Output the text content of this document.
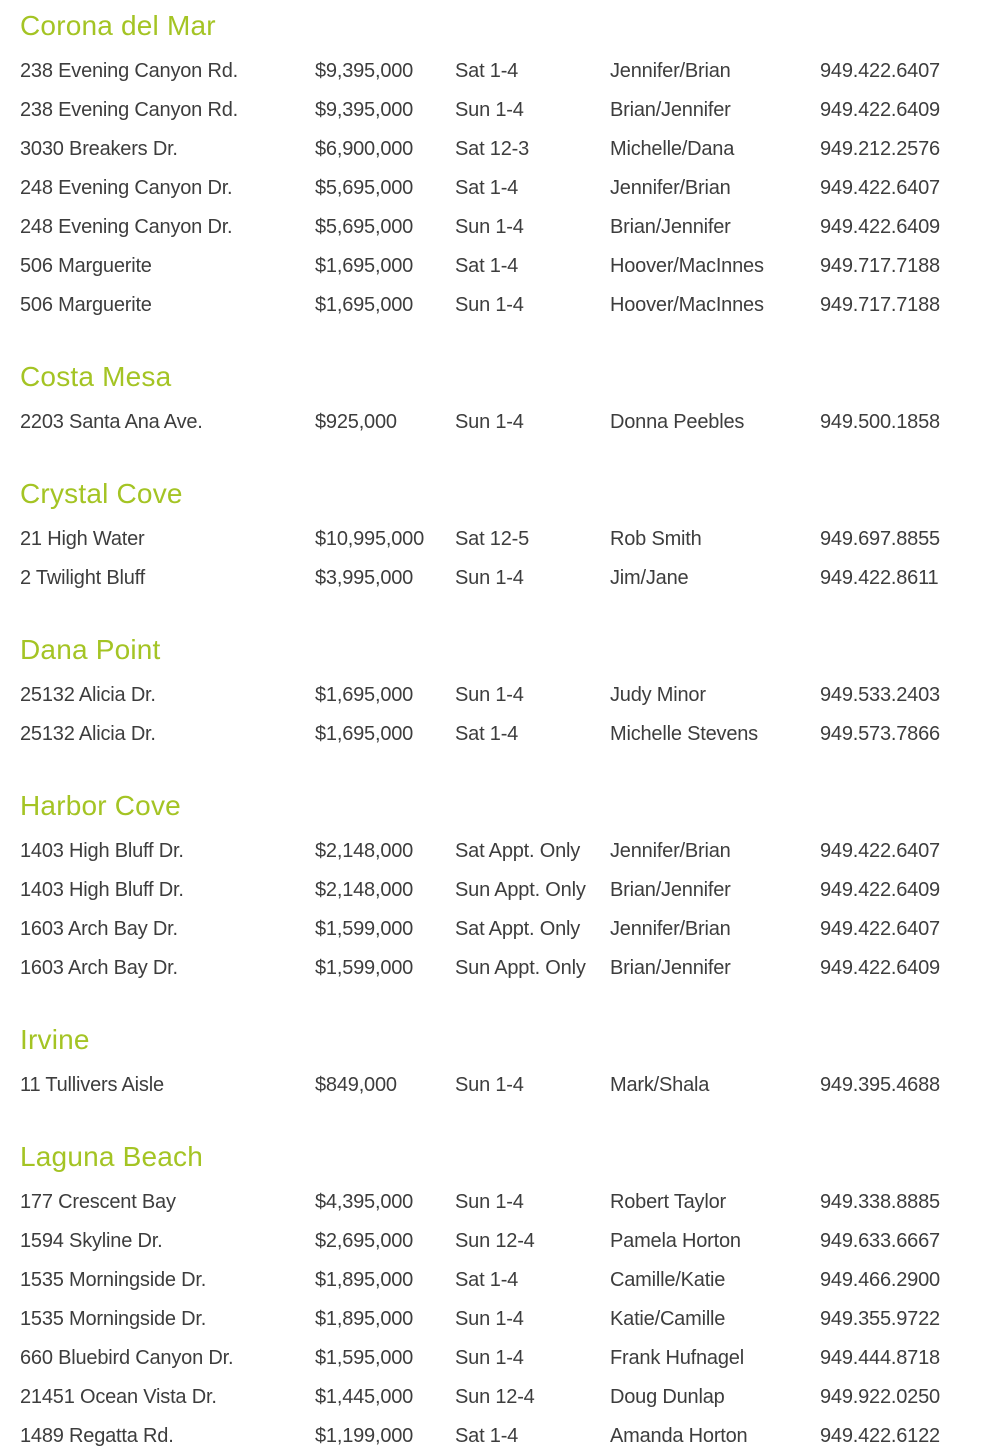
Corona del Mar
238 Evening Canyon Rd.	$9,395,000	Sat 1-4	Jennifer/Brian	949.422.6407
238 Evening Canyon Rd.	$9,395,000	Sun 1-4	Brian/Jennifer	949.422.6409
3030 Breakers Dr.	$6,900,000	Sat 12-3	Michelle/Dana	949.212.2576
248 Evening Canyon Dr.	$5,695,000	Sat 1-4	Jennifer/Brian	949.422.6407
248 Evening Canyon Dr.	$5,695,000	Sun 1-4	Brian/Jennifer	949.422.6409
506 Marguerite	$1,695,000	Sat 1-4	Hoover/MacInnes	949.717.7188
506 Marguerite	$1,695,000	Sun 1-4	Hoover/MacInnes	949.717.7188
Costa Mesa
2203 Santa Ana Ave.	$925,000	Sun 1-4	Donna Peebles	949.500.1858
Crystal Cove
21 High Water	$10,995,000	Sat 12-5	Rob Smith	949.697.8855
2 Twilight Bluff	$3,995,000	Sun 1-4	Jim/Jane	949.422.8611
Dana Point
25132 Alicia Dr.	$1,695,000	Sun 1-4	Judy Minor	949.533.2403
25132 Alicia Dr.	$1,695,000	Sat 1-4	Michelle Stevens	949.573.7866
Harbor Cove
1403 High Bluff Dr.	$2,148,000	Sat Appt. Only	Jennifer/Brian	949.422.6407
1403 High Bluff Dr.	$2,148,000	Sun Appt. Only	Brian/Jennifer	949.422.6409
1603 Arch Bay Dr.	$1,599,000	Sat Appt. Only	Jennifer/Brian	949.422.6407
1603 Arch Bay Dr.	$1,599,000	Sun Appt. Only	Brian/Jennifer	949.422.6409
Irvine
11 Tullivers Aisle	$849,000	Sun 1-4	Mark/Shala	949.395.4688
Laguna Beach
177 Crescent Bay	$4,395,000	Sun 1-4	Robert Taylor	949.338.8885
1594 Skyline Dr.	$2,695,000	Sun 12-4	Pamela Horton	949.633.6667
1535 Morningside Dr.	$1,895,000	Sat 1-4	Camille/Katie	949.466.2900
1535 Morningside Dr.	$1,895,000	Sun 1-4	Katie/Camille	949.355.9722
660 Bluebird Canyon Dr.	$1,595,000	Sun 1-4	Frank Hufnagel	949.444.8718
21451 Ocean Vista Dr.	$1,445,000	Sun 12-4	Doug Dunlap	949.922.0250
1489 Regatta Rd.	$1,199,000	Sat 1-4	Amanda Horton	949.422.6122
